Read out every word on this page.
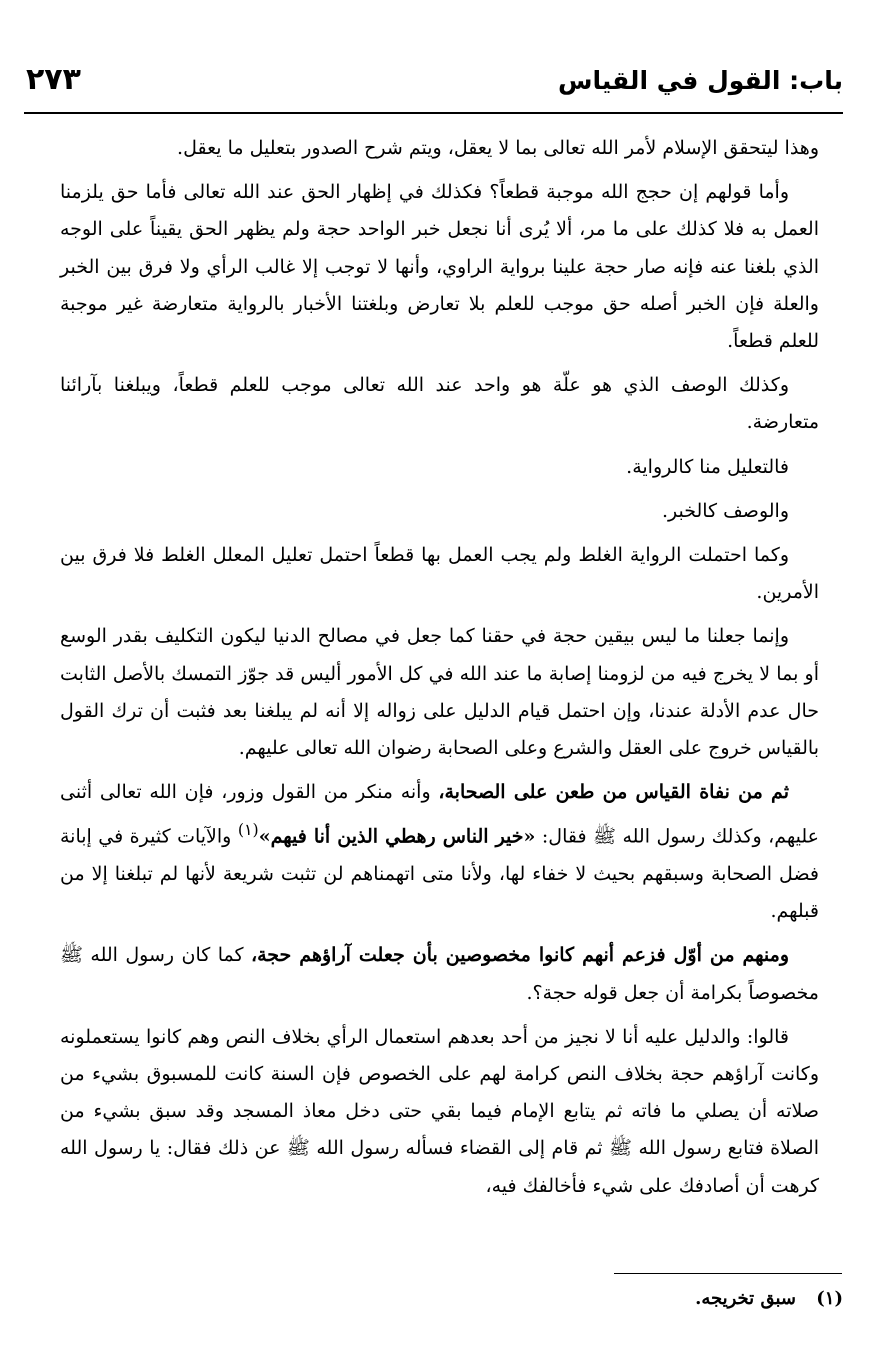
باب: القول في القياس
٢٧٣

وهذا ليتحقق الإسلام لأمر الله تعالى بما لا يعقل، ويتم شرح الصدور بتعليل ما يعقل.

وأما قولهم إن حجج الله موجبة قطعاً؟ فكذلك في إظهار الحق عند الله تعالى فأما حق يلزمنا العمل به فلا كذلك على ما مر، ألا يُرى أنا نجعل خبر الواحد حجة ولم يظهر الحق يقيناً على الوجه الذي بلغنا عنه فإنه صار حجة علينا برواية الراوي، وأنها لا توجب إلا غالب الرأي ولا فرق بين الخبر والعلة فإن الخبر أصله حق موجب للعلم بلا تعارض وبلغتنا الأخبار بالرواية متعارضة غير موجبة للعلم قطعاً.

وكذلك الوصف الذي هو علّة هو واحد عند الله تعالى موجب للعلم قطعاً، ويبلغنا بآرائنا متعارضة.

فالتعليل منا كالرواية.

والوصف كالخبر.

وكما احتملت الرواية الغلط ولم يجب العمل بها قطعاً احتمل تعليل المعلل الغلط فلا فرق بين الأمرين.

وإنما جعلنا ما ليس بيقين حجة في حقنا كما جعل في مصالح الدنيا ليكون التكليف بقدر الوسع أو بما لا يخرج فيه من لزومنا إصابة ما عند الله في كل الأمور أليس قد جوّز التمسك بالأصل الثابت حال عدم الأدلة عندنا، وإن احتمل قيام الدليل على زواله إلا أنه لم يبلغنا بعد فثبت أن ترك القول بالقياس خروج على العقل والشرع وعلى الصحابة رضوان الله تعالى عليهم.

ثم من نفاة القياس من طعن على الصحابة، وأنه منكر من القول وزور، فإن الله تعالى أثنى عليهم، وكذلك رسول الله ﷺ فقال: «خير الناس رهطي الذين أنا فيهم»$^{(١)}$ والآيات كثيرة في إبانة فضل الصحابة وسبقهم بحيث لا خفاء لها، ولأنا متى اتهمناهم لن تثبت شريعة لأنها لم تبلغنا إلا من قبلهم.

ومنهم من أوّل فزعم أنهم كانوا مخصوصين بأن جعلت آراؤهم حجة، كما كان رسول الله ﷺ مخصوصاً بكرامة أن جعل قوله حجة؟.

قالوا: والدليل عليه أنا لا نجيز من أحد بعدهم استعمال الرأي بخلاف النص وهم كانوا يستعملونه وكانت آراؤهم حجة بخلاف النص كرامة لهم على الخصوص فإن السنة كانت للمسبوق بشيء من صلاته أن يصلي ما فاته ثم يتابع الإمام فيما بقي حتى دخل معاذ المسجد وقد سبق بشيء من الصلاة فتابع رسول الله ﷺ ثم قام إلى القضاء فسأله رسول الله ﷺ عن ذلك فقال: يا رسول الله كرهت أن أصادفك على شيء فأخالفك فيه،

(١) سبق تخريجه.
